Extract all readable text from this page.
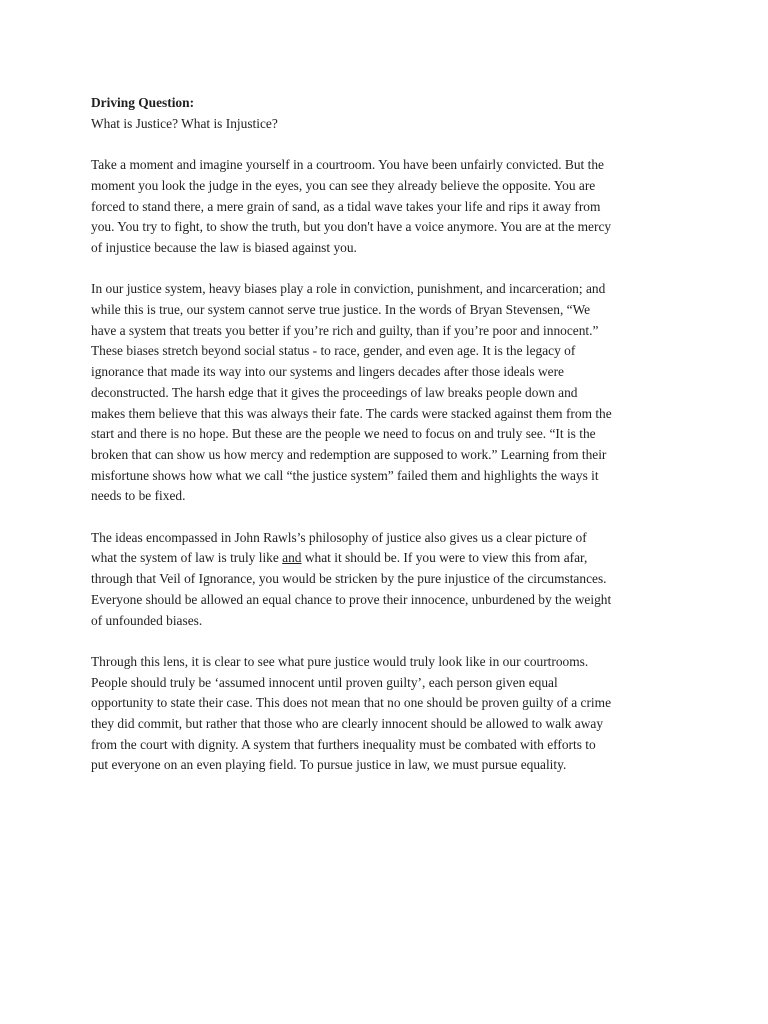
Driving Question:

What is Justice? What is Injustice?

Take a moment and imagine yourself in a courtroom. You have been unfairly convicted. But the
moment you look the judge in the eyes, you can see they already believe the opposite. You are
forced to stand there, a mere grain of sand, as a tidal wave takes your life and rips it away from
you. You try to fight, to show the truth, but you don't have a voice anymore. You are at the mercy
of injustice because the law is biased against you.

In our justice system, heavy biases play a role in conviction, punishment, and incarceration; and
while this is true, our system cannot serve true justice. In the words of Bryan Stevensen, “We
have a system that treats you better if you’re rich and guilty, than if you’re poor and innocent.”
These biases stretch beyond social status - to race, gender, and even age. It is the legacy of
ignorance that made its way into our systems and lingers decades after those ideals were
deconstructed. The harsh edge that it gives the proceedings of law breaks people down and
makes them believe that this was always their fate. The cards were stacked against them from the
start and there is no hope. But these are the people we need to focus on and truly see. “It is the
broken that can show us how mercy and redemption are supposed to work.” Learning from their
misfortune shows how what we call “the justice system” failed them and highlights the ways it
needs to be fixed.

The ideas encompassed in John Rawls’s philosophy of justice also gives us a clear picture of
what the system of law is truly like and what it should be. If you were to view this from afar,
through that Veil of Ignorance, you would be stricken by the pure injustice of the circumstances.
Everyone should be allowed an equal chance to prove their innocence, unburdened by the weight
of unfounded biases.

Through this lens, it is clear to see what pure justice would truly look like in our courtrooms.
People should truly be ‘assumed innocent until proven guilty’, each person given equal
opportunity to state their case. This does not mean that no one should be proven guilty of a crime
they did commit, but rather that those who are clearly innocent should be allowed to walk away
from the court with dignity. A system that furthers inequality must be combated with efforts to
put everyone on an even playing field. To pursue justice in law, we must pursue equality.
